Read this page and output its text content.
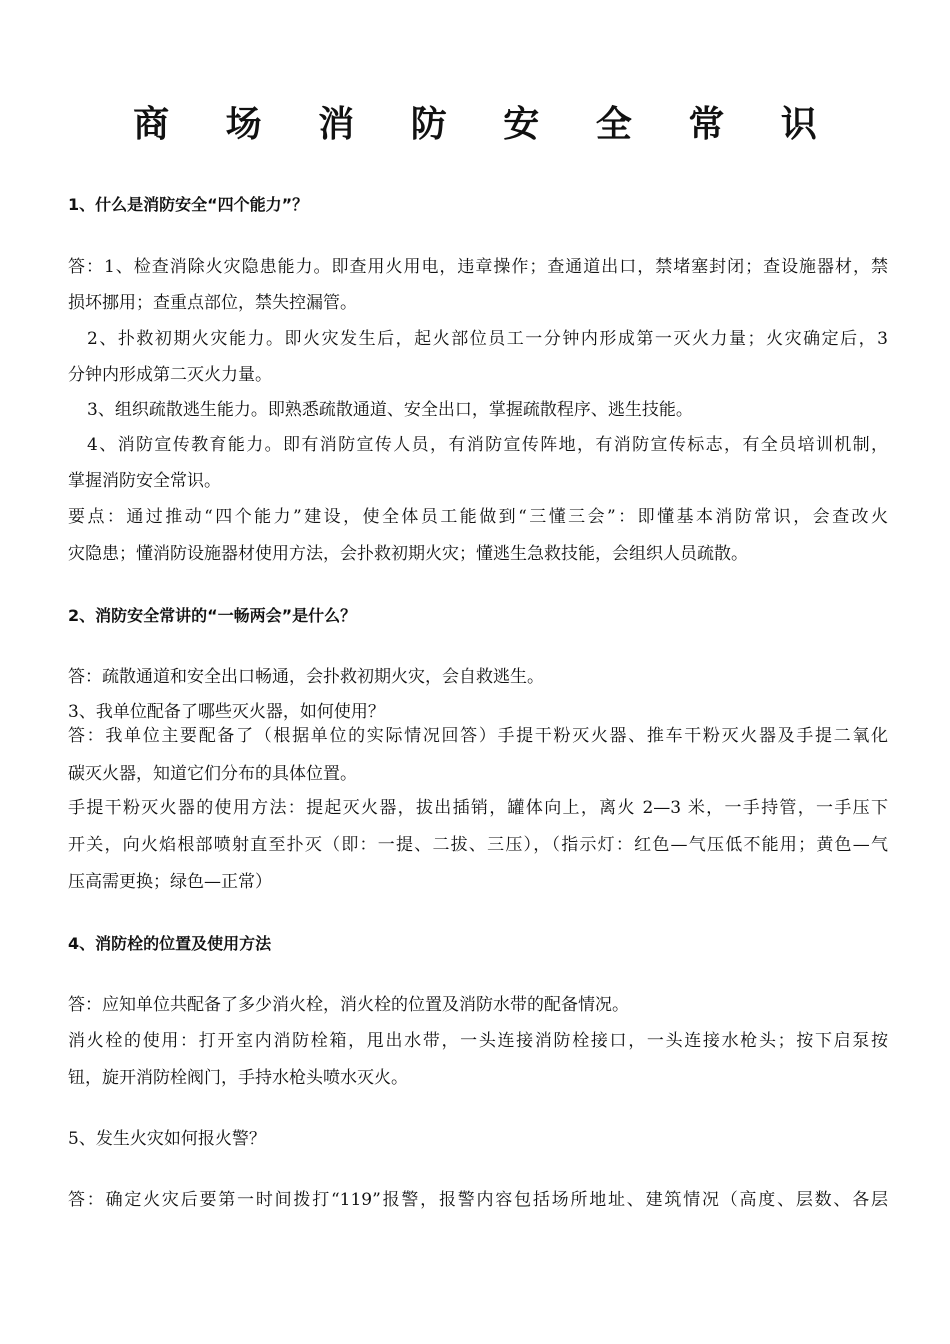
商 场 消 防 安 全 常 识
1、什么是消防安全“四个能力”？
答：1、检查消除火灾隐患能力。即查用火用电，违章操作；查通道出口，禁堵塞封闭；查设施器材，禁
损坏挪用；查重点部位，禁失控漏管。
2、扑救初期火灾能力。即火灾发生后，起火部位员工一分钟内形成第一灭火力量；火灾确定后，3
分钟内形成第二灭火力量。
3、组织疏散逃生能力。即熟悉疏散通道、安全出口，掌握疏散程序、逃生技能。
4、消防宣传教育能力。即有消防宣传人员，有消防宣传阵地，有消防宣传标志，有全员培训机制，
掌握消防安全常识。
要点：通过推动“四个能力”建设，使全体员工能做到“三懂三会”：即懂基本消防常识，会查改火
灾隐患；懂消防设施器材使用方法，会扑救初期火灾；懂逃生急救技能，会组织人员疏散。
2、消防安全常讲的“一畅两会”是什么？
答：疏散通道和安全出口畅通，会扑救初期火灾，会自救逃生。
3、我单位配备了哪些灭火器，如何使用？
答：我单位主要配备了（根据单位的实际情况回答）手提干粉灭火器、推车干粉灭火器及手提二氧化
碳灭火器，知道它们分布的具体位置。
手提干粉灭火器的使用方法：提起灭火器，拔出插销，罐体向上，离火 2—3 米，一手持管，一手压下
开关，向火焰根部喷射直至扑灭（即：一提、二拔、三压），（指示灯：红色—气压低不能用；黄色—气
压高需更换；绿色—正常）
4、消防栓的位置及使用方法
答：应知单位共配备了多少消火栓，消火栓的位置及消防水带的配备情况。
消火栓的使用：打开室内消防栓箱，甩出水带，一头连接消防栓接口，一头连接水枪头；按下启泵按
钮，旋开消防栓阀门，手持水枪头喷水灭火。
5、发生火灾如何报火警？
答：确定火灾后要第一时间拨打“119”报警，报警内容包括场所地址、建筑情况（高度、层数、各层
